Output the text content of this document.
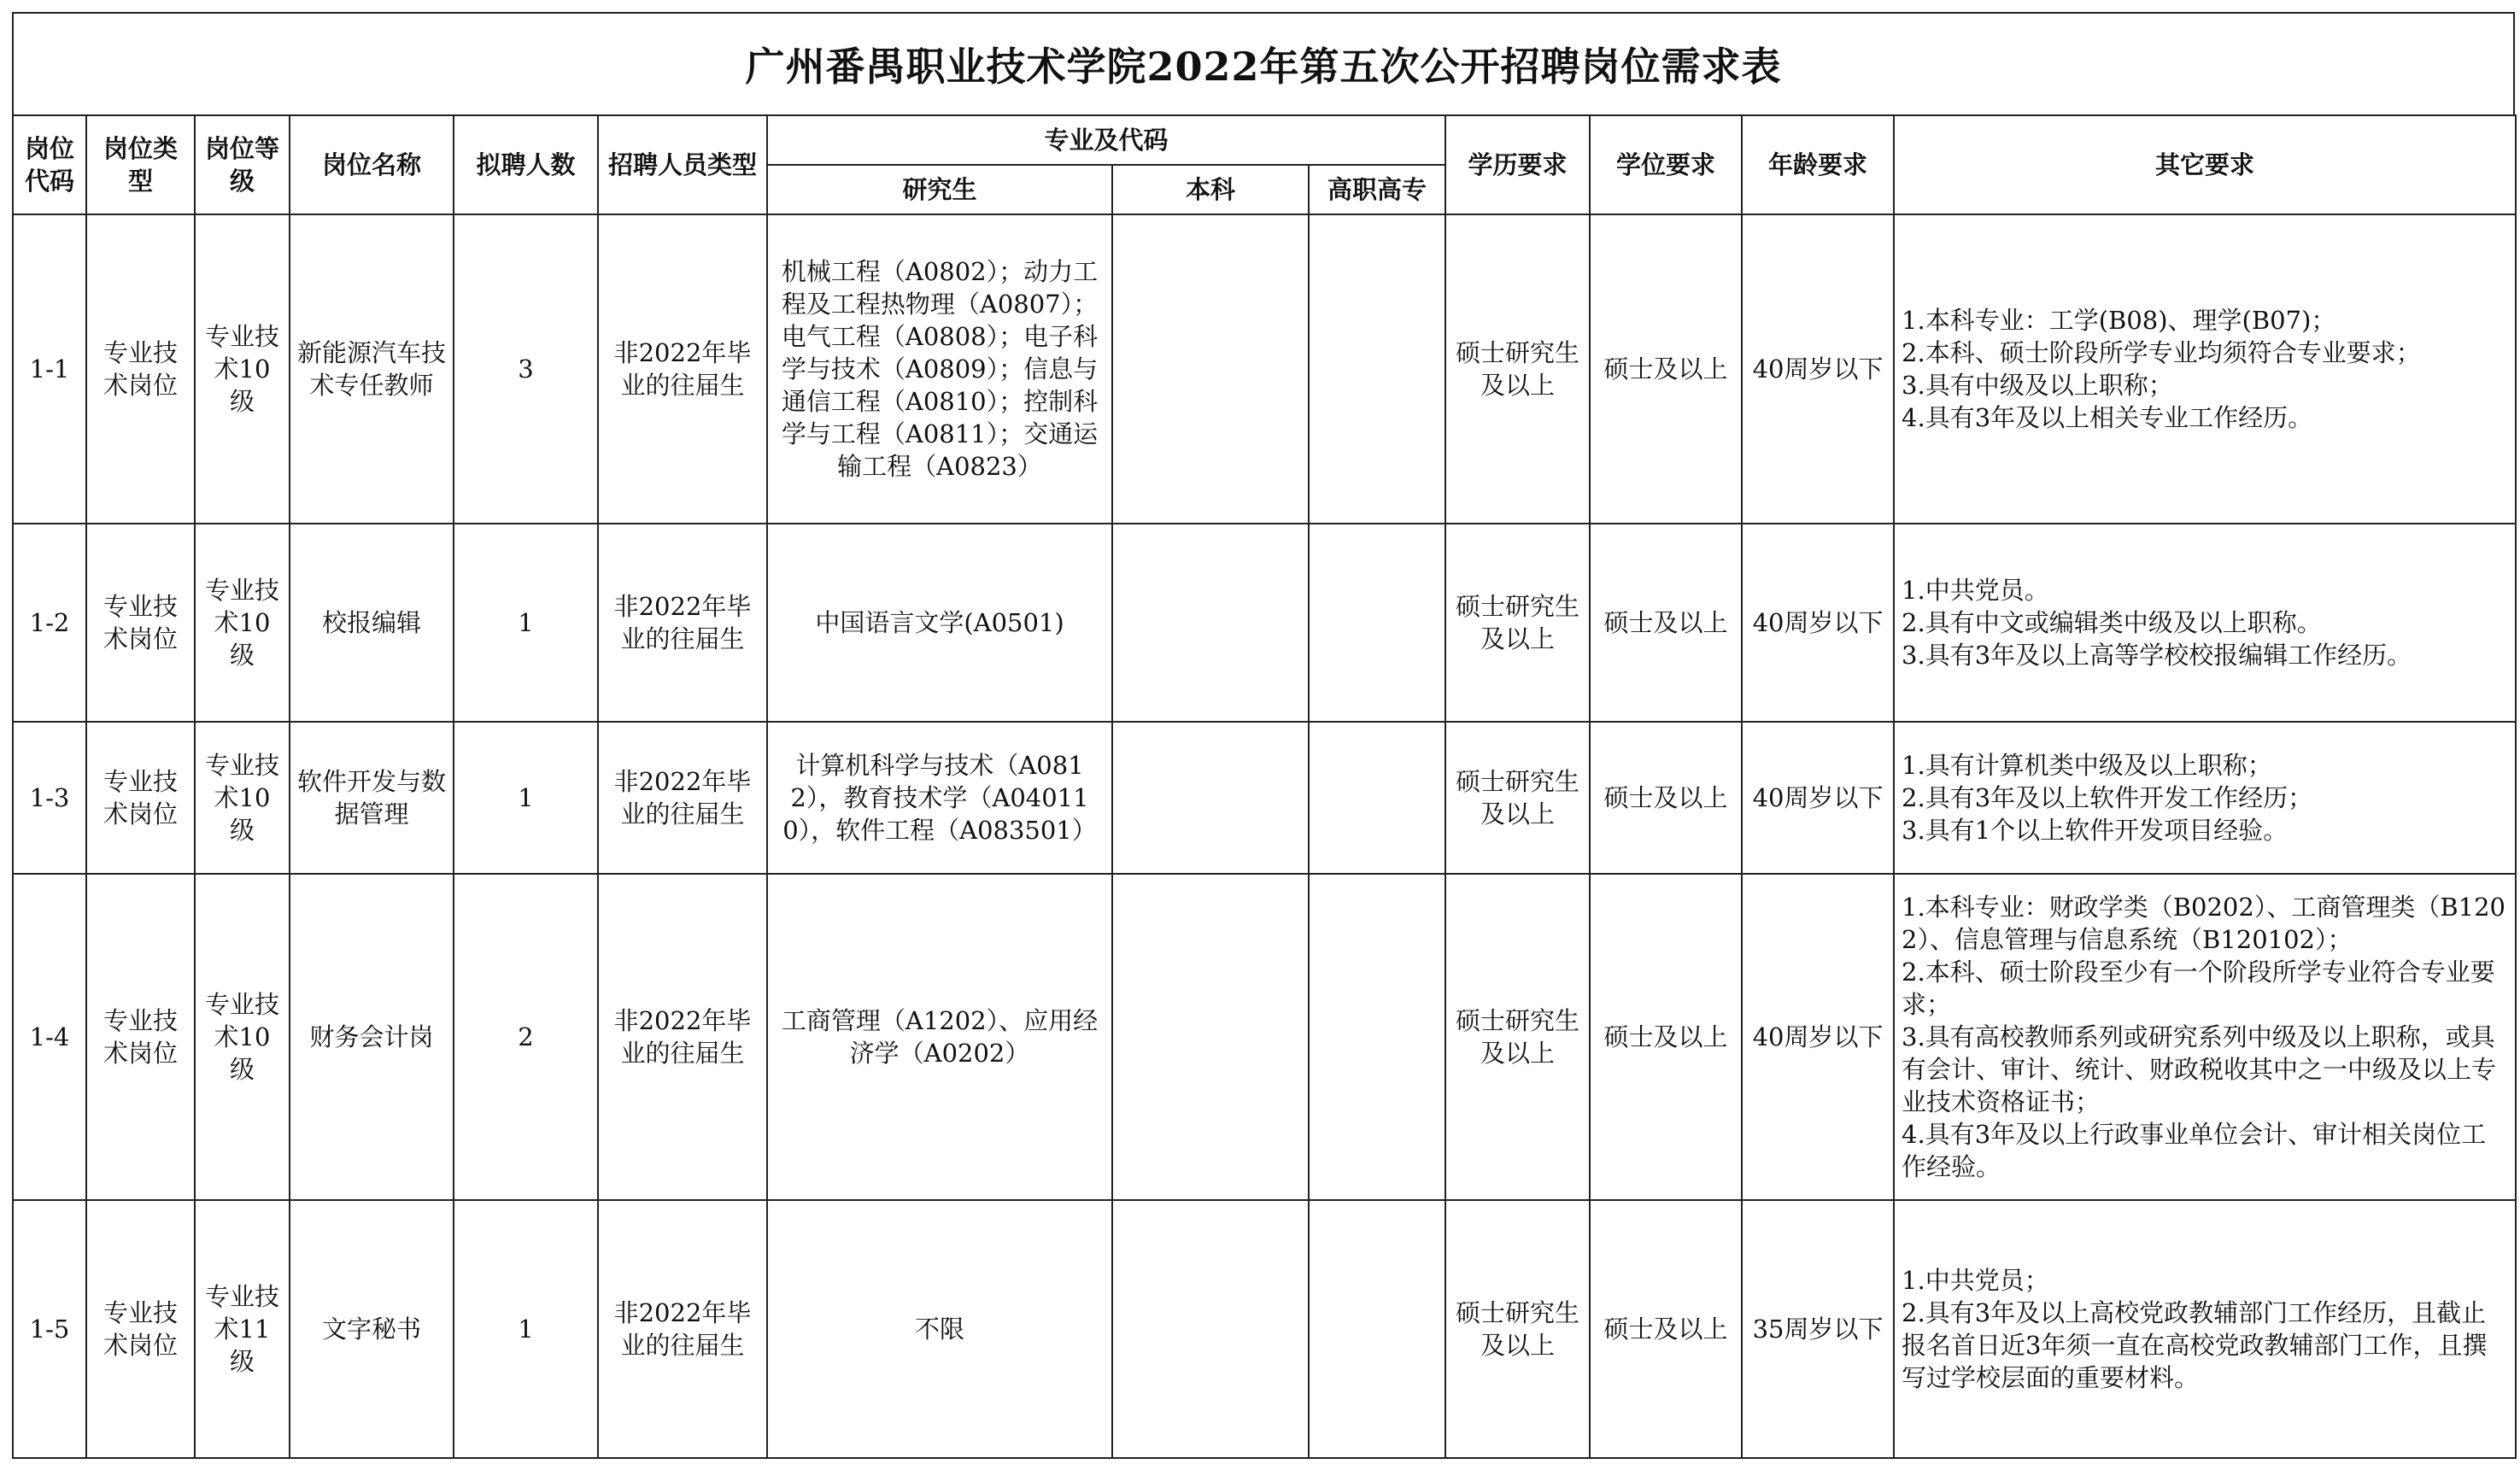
广州番禺职业技术学院2022年第五次公开招聘岗位需求表
岗位代码	岗位类型	岗位等级	岗位名称	拟聘人数	招聘人员类型	专业及代码			学历要求	学位要求	年龄要求	其它要求
						研究生	本科	高职高专				
1-1	专业技术岗位	专业技术10级	新能源汽车技术专任教师	3	非2022年毕业的往届生	机械工程（A0802）；动力工程及工程热物理（A0807）；电气工程（A0808）；电子科学与技术（A0809）；信息与通信工程（A0810）；控制科学与工程（A0811）；交通运输工程（A0823）			硕士研究生及以上	硕士及以上	40周岁以下	1.本科专业：工学(B08)、理学(B07)；
2.本科、硕士阶段所学专业均须符合专业要求；
3.具有中级及以上职称；
4.具有3年及以上相关专业工作经历。

1-2	专业技术岗位	专业技术10级	校报编辑	1	非2022年毕业的往届生	中国语言文学(A0501)			硕士研究生及以上	硕士及以上	40周岁以下	1.中共党员。
2.具有中文或编辑类中级及以上职称。
3.具有3年及以上高等学校校报编辑工作经历。

1-3	专业技术岗位	专业技术10级	软件开发与数据管理	1	非2022年毕业的往届生	计算机科学与技术（A0812），教育技术学（A040110），软件工程（A083501）			硕士研究生及以上	硕士及以上	40周岁以下	1.具有计算机类中级及以上职称；
2.具有3年及以上软件开发工作经历；
3.具有1个以上软件开发项目经验。

1-4	专业技术岗位	专业技术10级	财务会计岗	2	非2022年毕业的往届生	工商管理（A1202）、应用经济学（A0202）			硕士研究生及以上	硕士及以上	40周岁以下	1.本科专业：财政学类（B0202）、工商管理类（B1202）、信息管理与信息系统（B120102）；
2.本科、硕士阶段至少有一个阶段所学专业符合专业要求；
3.具有高校教师系列或研究系列中级及以上职称，或具有会计、审计、统计、财政税收其中之一中级及以上专业技术资格证书；
4.具有3年及以上行政事业单位会计、审计相关岗位工作经验。

1-5	专业技术岗位	专业技术11级	文字秘书	1	非2022年毕业的往届生	不限			硕士研究生及以上	硕士及以上	35周岁以下	1.中共党员；
2.具有3年及以上高校党政教辅部门工作经历，且截止报名首日近3年须一直在高校党政教辅部门工作，且撰写过学校层面的重要材料。
